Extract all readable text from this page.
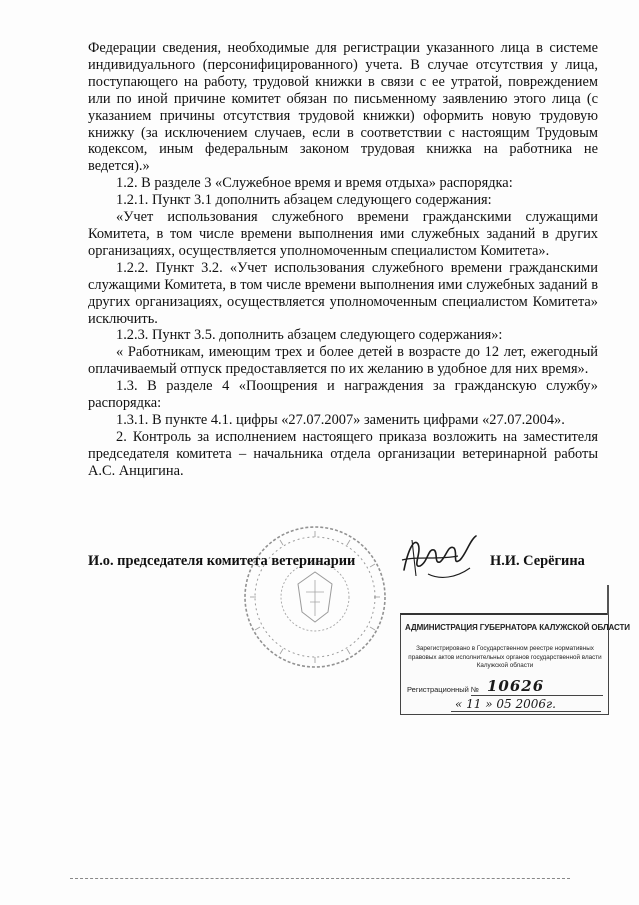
Федерации сведения, необходимые для регистрации указанного лица в системе индивидуального (персонифицированного) учета. В случае отсутствия у лица, поступающего на работу, трудовой книжки в связи с ее утратой, повреждением или по иной причине комитет обязан по письменному заявлению этого лица (с указанием причины отсутствия трудовой книжки) оформить новую трудовую книжку (за исключением случаев, если в соответствии с настоящим Трудовым кодексом, иным федеральным законом трудовая книжка на работника не ведется).»

1.2. В разделе 3 «Служебное время и время отдыха» распорядка:

1.2.1. Пункт 3.1 дополнить абзацем следующего содержания:

«Учет использования служебного времени гражданскими служащими Комитета, в том числе времени выполнения ими служебных заданий в других организациях, осуществляется уполномоченным специалистом Комитета».

1.2.2. Пункт 3.2. «Учет использования служебного времени гражданскими служащими Комитета, в том числе времени выполнения ими служебных заданий в других организациях, осуществляется уполномоченным специалистом Комитета» исключить.

1.2.3. Пункт 3.5. дополнить абзацем следующего содержания»:

« Работникам, имеющим трех и более детей в возрасте до 12 лет, ежегодный оплачиваемый отпуск предоставляется по их желанию в удобное для них время».

1.3. В разделе 4 «Поощрения и награждения за гражданскую службу» распорядка:

1.3.1. В пункте 4.1. цифры «27.07.2007» заменить цифрами «27.07.2004».

2. Контроль за исполнением настоящего приказа возложить на заместителя председателя комитета – начальника отдела организации ветеринарной работы А.С. Анцигина.

И.о. председателя комитета ветеринарии	Н.И. Серёгина
АДМИНИСТРАЦИЯ ГУБЕРНАТОРА КАЛУЖСКОЙ ОБЛАСТИ
Зарегистрировано в Государственном реестре нормативных правовых актов исполнительных органов государственной власти Калужской области
Регистрационный № 10626
« 11 » 05 2006г.
